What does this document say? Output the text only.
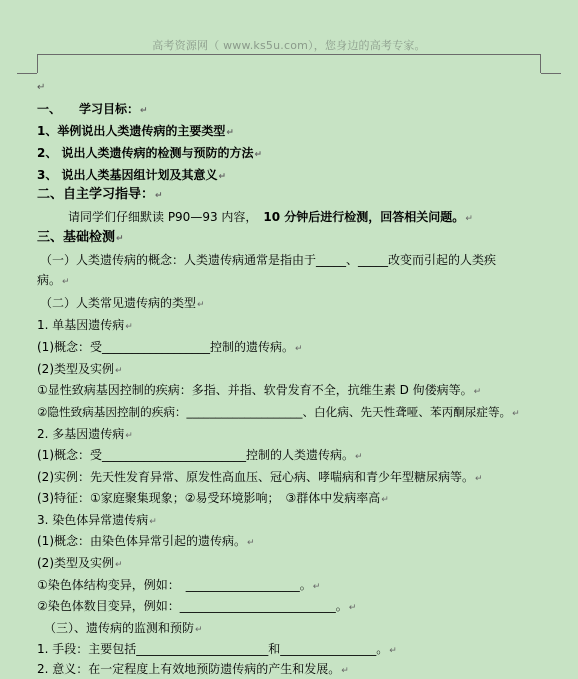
高考资源网（ www.ks5u.com），您身边的高考专家。
↵
一、　　学习目标：↵
1、举例说出人类遗传病的主要类型↵
2、 说出人类遗传病的检测与预防的方法↵
3、 说出人类基因组计划及其意义↵
二、自主学习指导：↵
请同学们仔细默读 P90—93 内容，　 10 分钟后进行检测，回答相关问题。↵
三、基础检测↵
（一）人类遗传病的概念：人类遗传病通常是指由于_____、_____改变而引起的人类疾
病。↵
（二）人类常见遗传病的类型↵
1. 单基因遗传病↵
(1)概念：受__________________控制的遗传病。↵
(2)类型及实例↵
①显性致病基因控制的疾病：多指、并指、软骨发育不全，抗维生素 D 佝偻病等。↵
②隐性致病基因控制的疾病：____________________、白化病、先天性聋哑、苯丙酮尿症等。↵
2. 多基因遗传病↵
(1)概念：受________________________控制的人类遗传病。↵
(2)实例：先天性发育异常、原发性高血压、冠心病、哮喘病和青少年型糖尿病等。↵
(3)特征：①家庭聚集现象；②易受环境影响；　③群体中发病率高↵
3. 染色体异常遗传病↵
(1)概念：由染色体异常引起的遗传病。↵
(2)类型及实例↵
①染色体结构变异，例如：　___________________。↵
②染色体数目变异，例如：__________________________。↵
（三）、遗传病的监测和预防↵
1. 手段：主要包括______________________和________________。↵
2. 意义：在一定程度上有效地预防遗传病的产生和发展。↵
